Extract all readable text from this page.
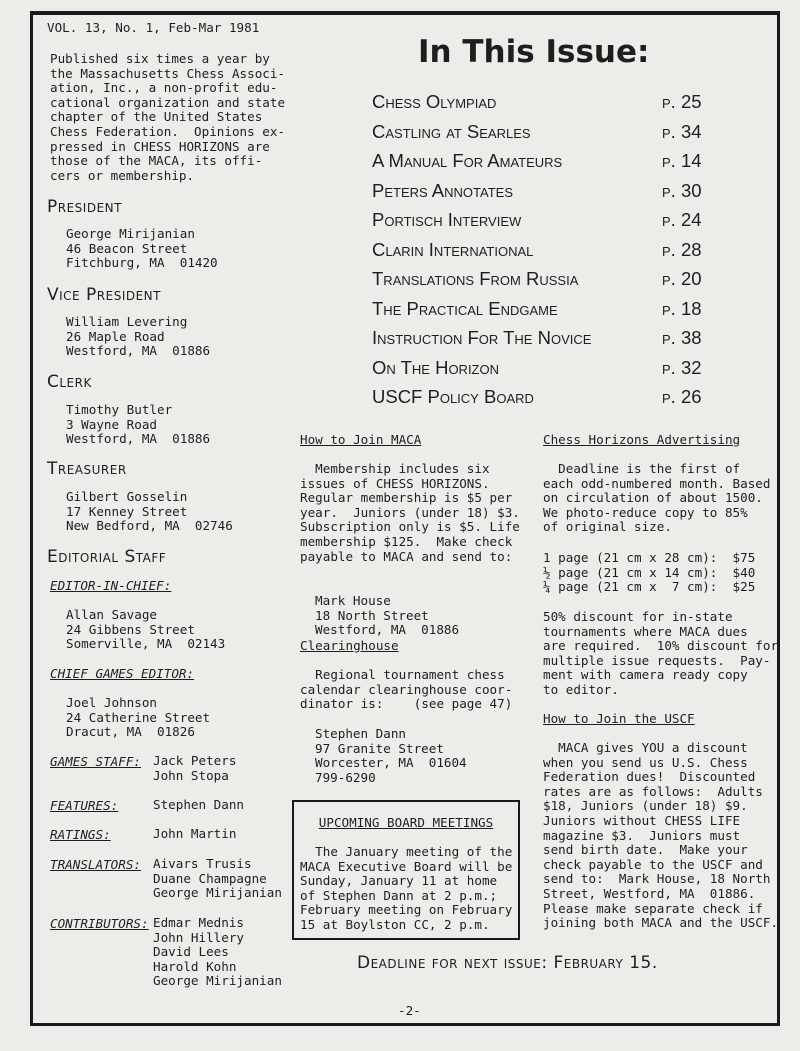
VOL. 13, No. 1, Feb-Mar 1981
Published six times a year by
the Massachusetts Chess Associ-
ation, Inc., a non-profit edu-
cational organization and state
chapter of the United States
Chess Federation.  Opinions ex-
pressed in CHESS HORIZONS are
those of the MACA, its offi-
cers or membership.
President
George Mirijanian
46 Beacon Street
Fitchburg, MA  01420
Vice President
William Levering
26 Maple Road
Westford, MA  01886
Clerk
Timothy Butler
3 Wayne Road
Westford, MA  01886
Treasurer
Gilbert Gosselin
17 Kenney Street
New Bedford, MA  02746
Editorial Staff
EDITOR-IN-CHIEF:
Allan Savage
24 Gibbens Street
Somerville, MA  02143
CHIEF GAMES EDITOR:
Joel Johnson
24 Catherine Street
Dracut, MA  01826
GAMES STAFF: Jack Peters
John Stopa
FEATURES:	Stephen Dann
RATINGS:	John Martin
TRANSLATORS: Aivars Trusis
Duane Champagne
George Mirijanian
CONTRIBUTORS: Edmar Mednis
John Hillery
David Lees
Harold Kohn
George Mirijanian
In This Issue:
Chess Olympiad	p. 25
Castling at Searles	p. 34
A Manual For Amateurs	p. 14
Peters Annotates	p. 30
Portisch Interview	p. 24
Clarin International	p. 28
Translations From Russia	p. 20
The Practical Endgame	p. 18
Instruction For The Novice	p. 38
On The Horizon	p. 32
USCF Policy Board	p. 26
How to Join MACA
Membership includes six
issues of CHESS HORIZONS.
Regular membership is $5 per
year.  Juniors (under 18) $3.
Subscription only is $5. Life
membership $125.  Make check
payable to MACA and send to:
Mark House
18 North Street
Westford, MA  01886
Clearinghouse
Regional tournament chess
calendar clearinghouse coor-
dinator is:    (see page 47)
Stephen Dann
97 Granite Street
Worcester, MA  01604
799-6290
UPCOMING BOARD MEETINGS
The January meeting of the
MACA Executive Board will be
Sunday, January 11 at home
of Stephen Dann at 2 p.m.;
February meeting on February
15 at Boylston CC, 2 p.m.
Chess Horizons Advertising
Deadline is the first of
each odd-numbered month. Based
on circulation of about 1500.
We photo-reduce copy to 85%
of original size.
1 page (21 cm x 28 cm):  $75
½ page (21 cm x 14 cm):  $40
¼ page (21 cm x  7 cm):  $25
50% discount for in-state
tournaments where MACA dues
are required.  10% discount for
multiple issue requests.  Pay-
ment with camera ready copy
to editor.
How to Join the USCF
MACA gives YOU a discount
when you send us U.S. Chess
Federation dues!  Discounted
rates are as follows:  Adults
$18, Juniors (under 18) $9.
Juniors without CHESS LIFE
magazine $3.  Juniors must
send birth date.  Make your
check payable to the USCF and
send to:  Mark House, 18 North
Street, Westford, MA  01886.
Please make separate check if
joining both MACA and the USCF.
Deadline for next issue: February 15.
-2-
